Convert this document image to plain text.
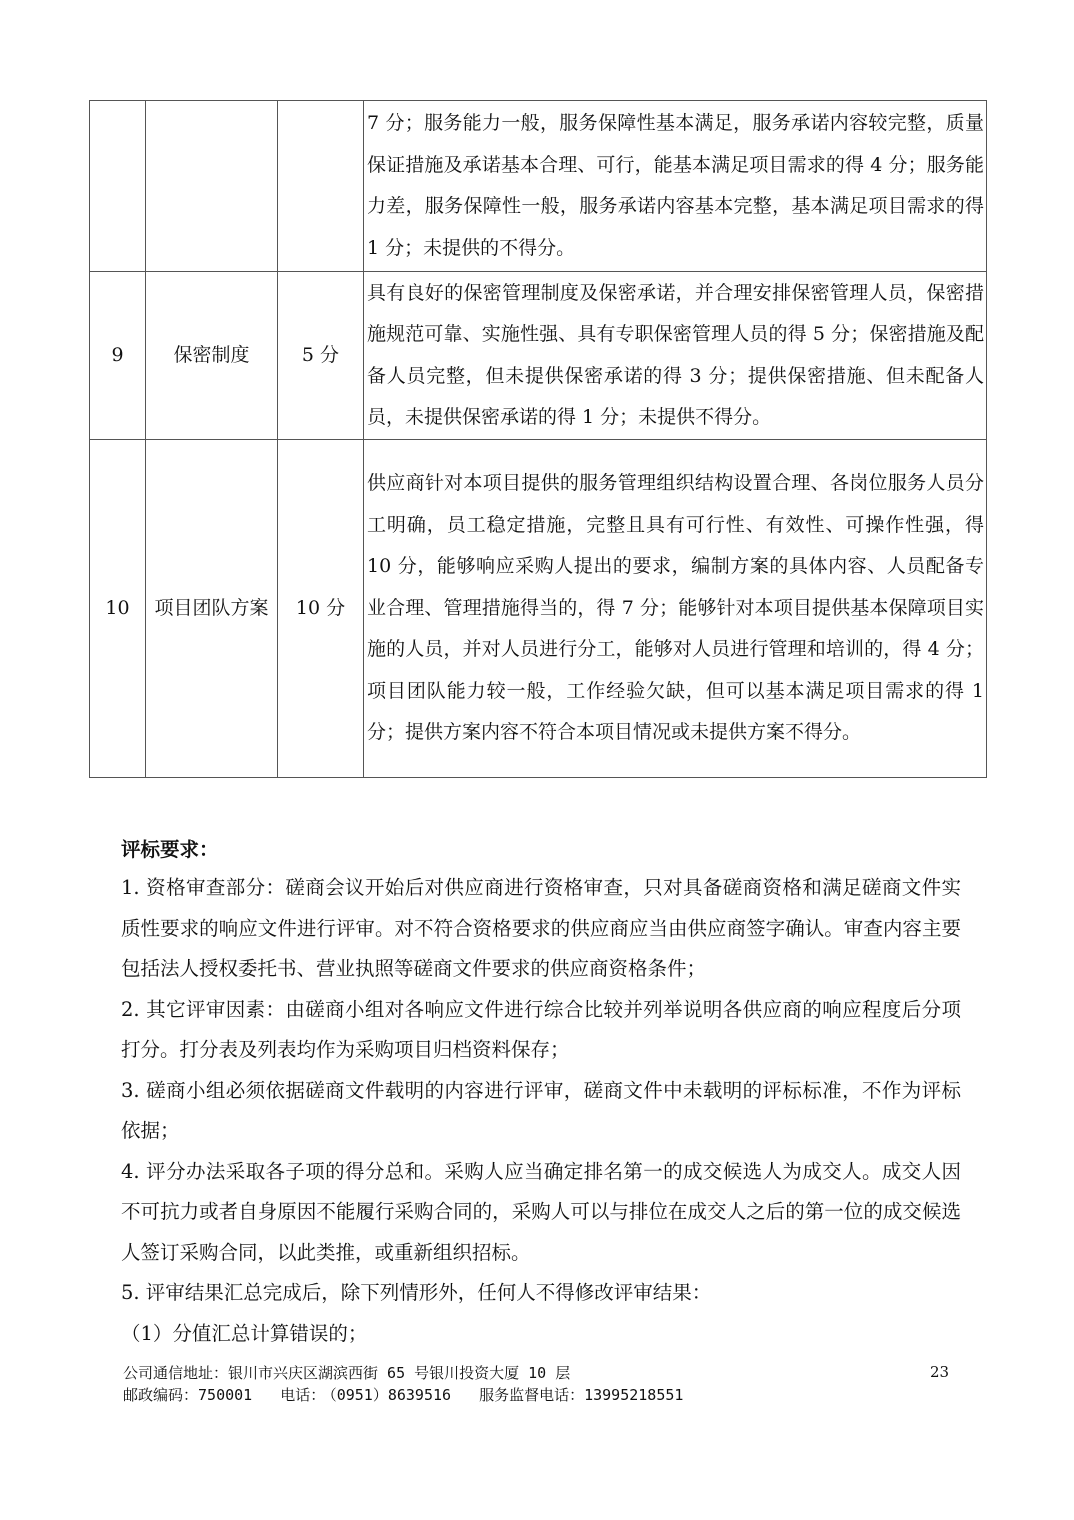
			7 分；服务能力一般，服务保障性基本满足，服务承诺内容较完整，质量保证措施及承诺基本合理、可行，能基本满足项目需求的得 4 分；服务能力差，服务保障性一般，服务承诺内容基本完整，基本满足项目需求的得 1 分；未提供的不得分。

9	保密制度	5 分	具有良好的保密管理制度及保密承诺，并合理安排保密管理人员，保密措施规范可靠、实施性强、具有专职保密管理人员的得 5 分；保密措施及配备人员完整，但未提供保密承诺的得 3 分；提供保密措施、但未配备人员，未提供保密承诺的得 1 分；未提供不得分。

10	项目团队方案	10 分	供应商针对本项目提供的服务管理组织结构设置合理、各岗位服务人员分工明确，员工稳定措施，完整且具有可行性、有效性、可操作性强，得 10 分，能够响应采购人提出的要求，编制方案的具体内容、人员配备专业合理、管理措施得当的，得 7 分；能够针对本项目提供基本保障项目实施的人员，并对人员进行分工，能够对人员进行管理和培训的，得 4 分；项目团队能力较一般，工作经验欠缺，但可以基本满足项目需求的得 1 分；提供方案内容不符合本项目情况或未提供方案不得分。
评标要求：
1. 资格审查部分：磋商会议开始后对供应商进行资格审查，只对具备磋商资格和满足磋商文件实质性要求的响应文件进行评审。对不符合资格要求的供应商应当由供应商签字确认。审查内容主要包括法人授权委托书、营业执照等磋商文件要求的供应商资格条件；
2. 其它评审因素：由磋商小组对各响应文件进行综合比较并列举说明各供应商的响应程度后分项打分。打分表及列表均作为采购项目归档资料保存；
3. 磋商小组必须依据磋商文件载明的内容进行评审，磋商文件中未载明的评标标准，不作为评标依据；
4. 评分办法采取各子项的得分总和。采购人应当确定排名第一的成交候选人为成交人。成交人因不可抗力或者自身原因不能履行采购合同的，采购人可以与排位在成交人之后的第一位的成交候选人签订采购合同，以此类推，或重新组织招标。
5. 评审结果汇总完成后，除下列情形外，任何人不得修改评审结果：
（1）分值汇总计算错误的；
公司通信地址：银川市兴庆区湖滨西街 65 号银川投资大厦 10 层
邮政编码：750001 电话： （0951）8639516 服务监督电话：13995218551
23
